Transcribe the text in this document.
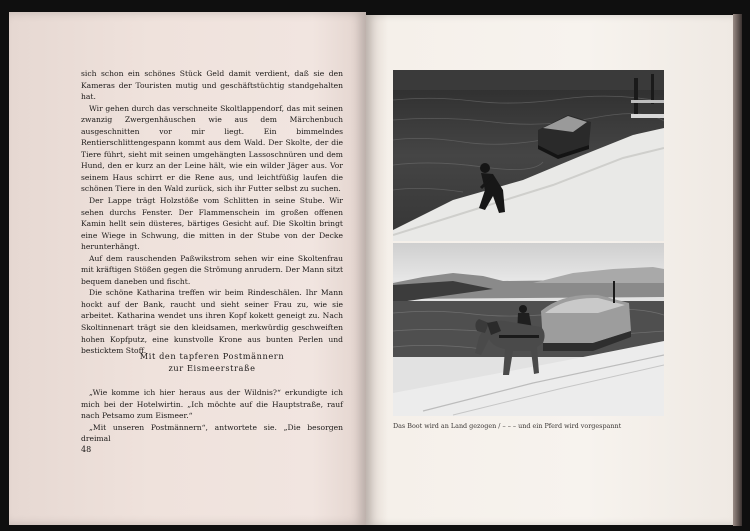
sich schon ein schönes Stück Geld damit verdient, daß sie den Kameras der Touristen mutig und geschäftstüchtig standgehalten hat.

Wir gehen durch das verschneite Skoltlappendorf, das mit seinen zwanzig Zwergenhäuschen wie aus dem Märchenbuch ausgeschnitten vor mir liegt. Ein bimmelndes Rentierschlittengespann kommt aus dem Wald. Der Skolte, der die Tiere führt, sieht mit seinen umgehängten Lassoschnüren und dem Hund, den er kurz an der Leine hält, wie ein wilder Jäger aus. Vor seinem Haus schirrt er die Rene aus, und leichtfüßig laufen die schönen Tiere in den Wald zurück, sich ihr Futter selbst zu suchen.

Der Lappe trägt Holzstöße vom Schlitten in seine Stube. Wir sehen durchs Fenster. Der Flammenschein im großen offenen Kamin hellt sein düsteres, bärtiges Gesicht auf. Die Skoltin bringt eine Wiege in Schwung, die mitten in der Stube von der Decke herunterhängt.

Auf dem rauschenden Paßwikstrom sehen wir eine Skoltenfrau mit kräftigen Stößen gegen die Strömung anrudern. Der Mann sitzt bequem daneben und fischt.

Die schöne Katharina treffen wir beim Rindeschälen. Ihr Mann hockt auf der Bank, raucht und sieht seiner Frau zu, wie sie arbeitet. Katharina wendet uns ihren Kopf kokett geneigt zu. Nach Skoltinnenart trägt sie den kleidsamen, merkwürdig geschweiften hohen Kopfputz, eine kunstvolle Krone aus bunten Perlen und besticktem Stoff.

Mit den tapferen Postmännern
zur Eismeerstraße

„Wie komme ich hier heraus aus der Wildnis?“ erkundigte ich mich bei der Hotelwirtin. „Ich möchte auf die Hauptstraße, rauf nach Petsamo zum Eismeer.“

„Mit unseren Postmännern“, antwortete sie. „Die besorgen dreimal

48
Das Boot wird an Land gezogen / – – – und ein Pferd wird vorgespannt
